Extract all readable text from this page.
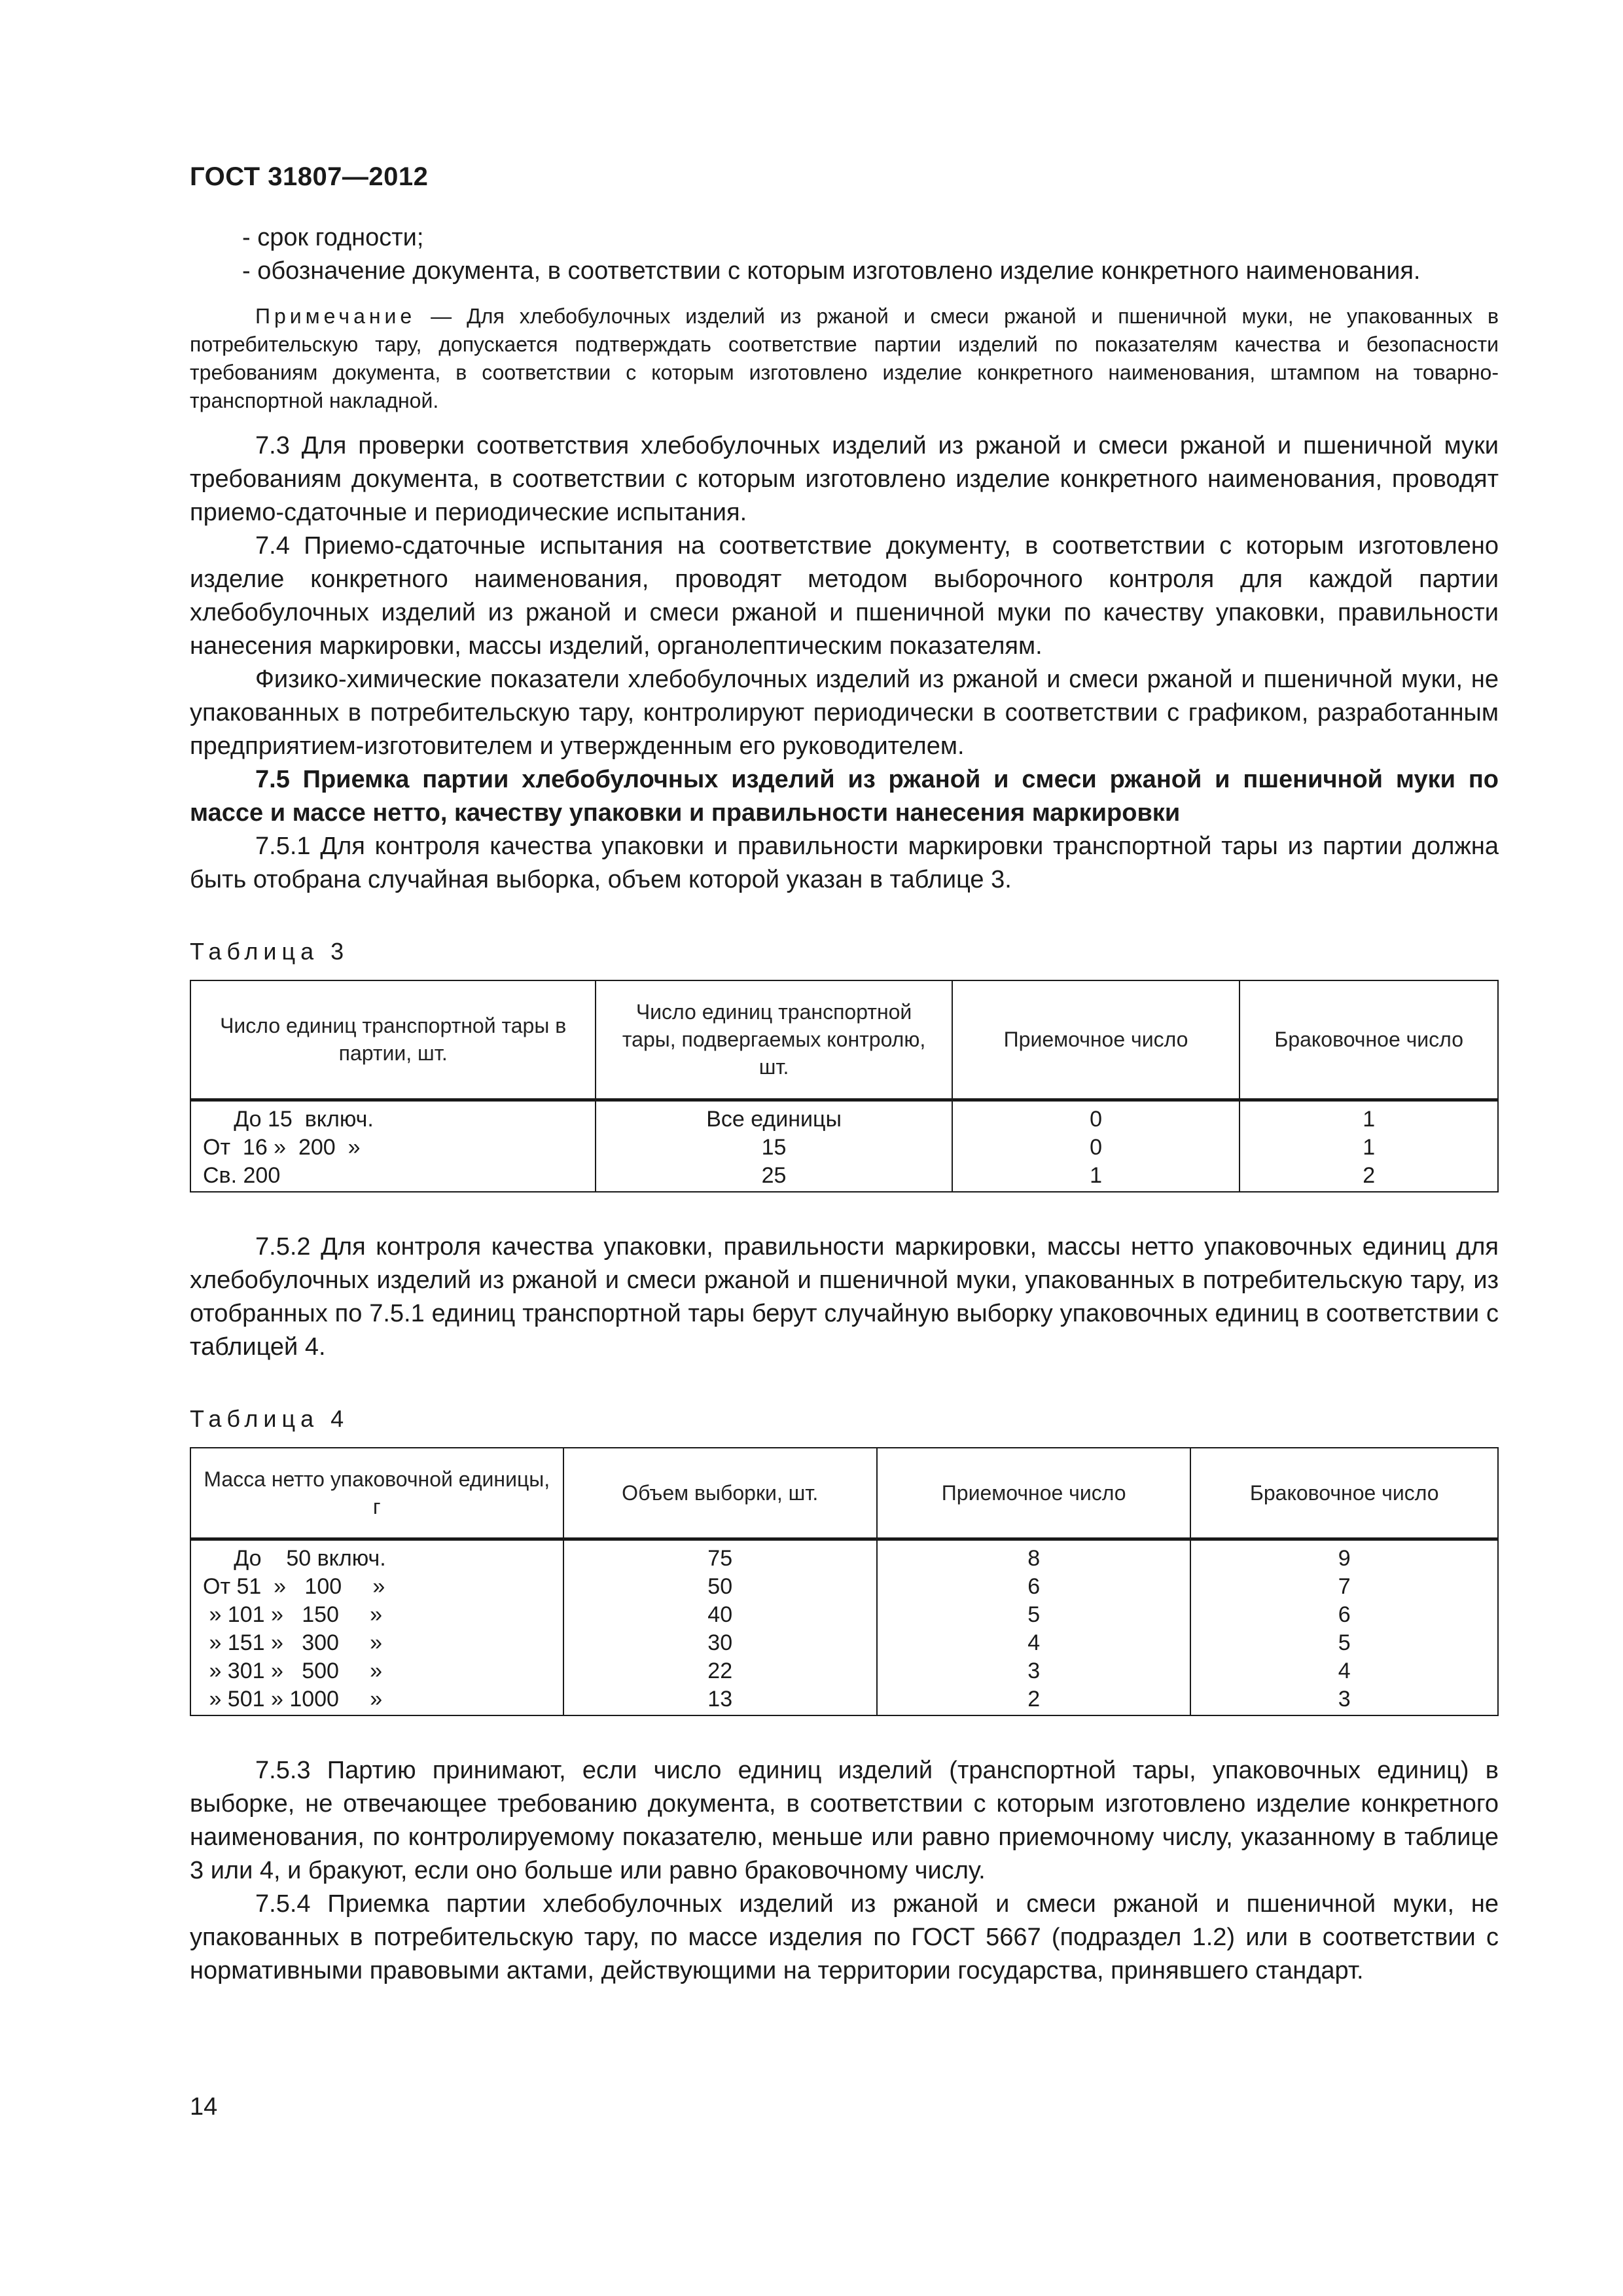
ГОСТ 31807—2012

- срок годности;

- обозначение документа, в соответствии с которым изготовлено изделие конкретного наименования.

Примечание — Для хлебобулочных изделий из ржаной и смеси ржаной и пшеничной муки, не упакованных в потребительскую тару, допускается подтверждать соответствие партии изделий по показателям качества и безопасности требованиям документа, в соответствии с которым изготовлено изделие конкретного наименования, штампом на товарно-транспортной накладной.

7.3 Для проверки соответствия хлебобулочных изделий из ржаной и смеси ржаной и пшеничной муки требованиям документа, в соответствии с которым изготовлено изделие конкретного наименования, проводят приемо-сдаточные и периодические испытания.

7.4 Приемо-сдаточные испытания на соответствие документу, в соответствии с которым изготовлено изделие конкретного наименования, проводят методом выборочного контроля для каждой партии хлебобулочных изделий из ржаной и смеси ржаной и пшеничной муки по качеству упаковки, правильности нанесения маркировки, массы изделий, органолептическим показателям.

Физико-химические показатели хлебобулочных изделий из ржаной и смеси ржаной и пшеничной муки, не упакованных в потребительскую тару, контролируют периодически в соответствии с графиком, разработанным предприятием-изготовителем и утвержденным его руководителем.

7.5 Приемка партии хлебобулочных изделий из ржаной и смеси ржаной и пшеничной муки по массе и массе нетто, качеству упаковки и правильности нанесения маркировки

7.5.1 Для контроля качества упаковки и правильности маркировки транспортной тары из партии должна быть отобрана случайная выборка, объем которой указан в таблице 3.

Таблица 3
Число единиц транспортной тары в партии, шт.	Число единиц транспортной тары, подвергаемых контролю, шт.	Приемочное число	Браковочное число
До 15  включ.	Все единицы	0	1
От  16 »  200  »	15	0	1
Св. 200	25	1	2

7.5.2 Для контроля качества упаковки, правильности маркировки, массы нетто упаковочных единиц для хлебобулочных изделий из ржаной и смеси ржаной и пшеничной муки, упакованных в потребительскую тару, из отобранных по 7.5.1 единиц транспортной тары берут случайную выборку упаковочных единиц в соответствии с таблицей 4.

Таблица 4
Масса нетто упаковочной единицы, г	Объем выборки, шт.	Приемочное число	Браковочное число
До    50 включ.	75	8	9
От 51  »   100     »	50	6	7
» 101 »   150     »	40	5	6
» 151 »   300     »	30	4	5
» 301 »   500     »	22	3	4
» 501 » 1000     »	13	2	3

7.5.3 Партию принимают, если число единиц изделий (транспортной тары, упаковочных единиц) в выборке, не отвечающее требованию документа, в соответствии с которым изготовлено изделие конкретного наименования, по контролируемому показателю, меньше или равно приемочному числу, указанному в таблице 3 или 4, и бракуют, если оно больше или равно браковочному числу.

7.5.4 Приемка партии хлебобулочных изделий из ржаной и смеси ржаной и пшеничной муки, не упакованных в потребительскую тару, по массе изделия по ГОСТ 5667 (подраздел 1.2) или в соответствии с нормативными правовыми актами, действующими на территории государства, принявшего стандарт.

14
